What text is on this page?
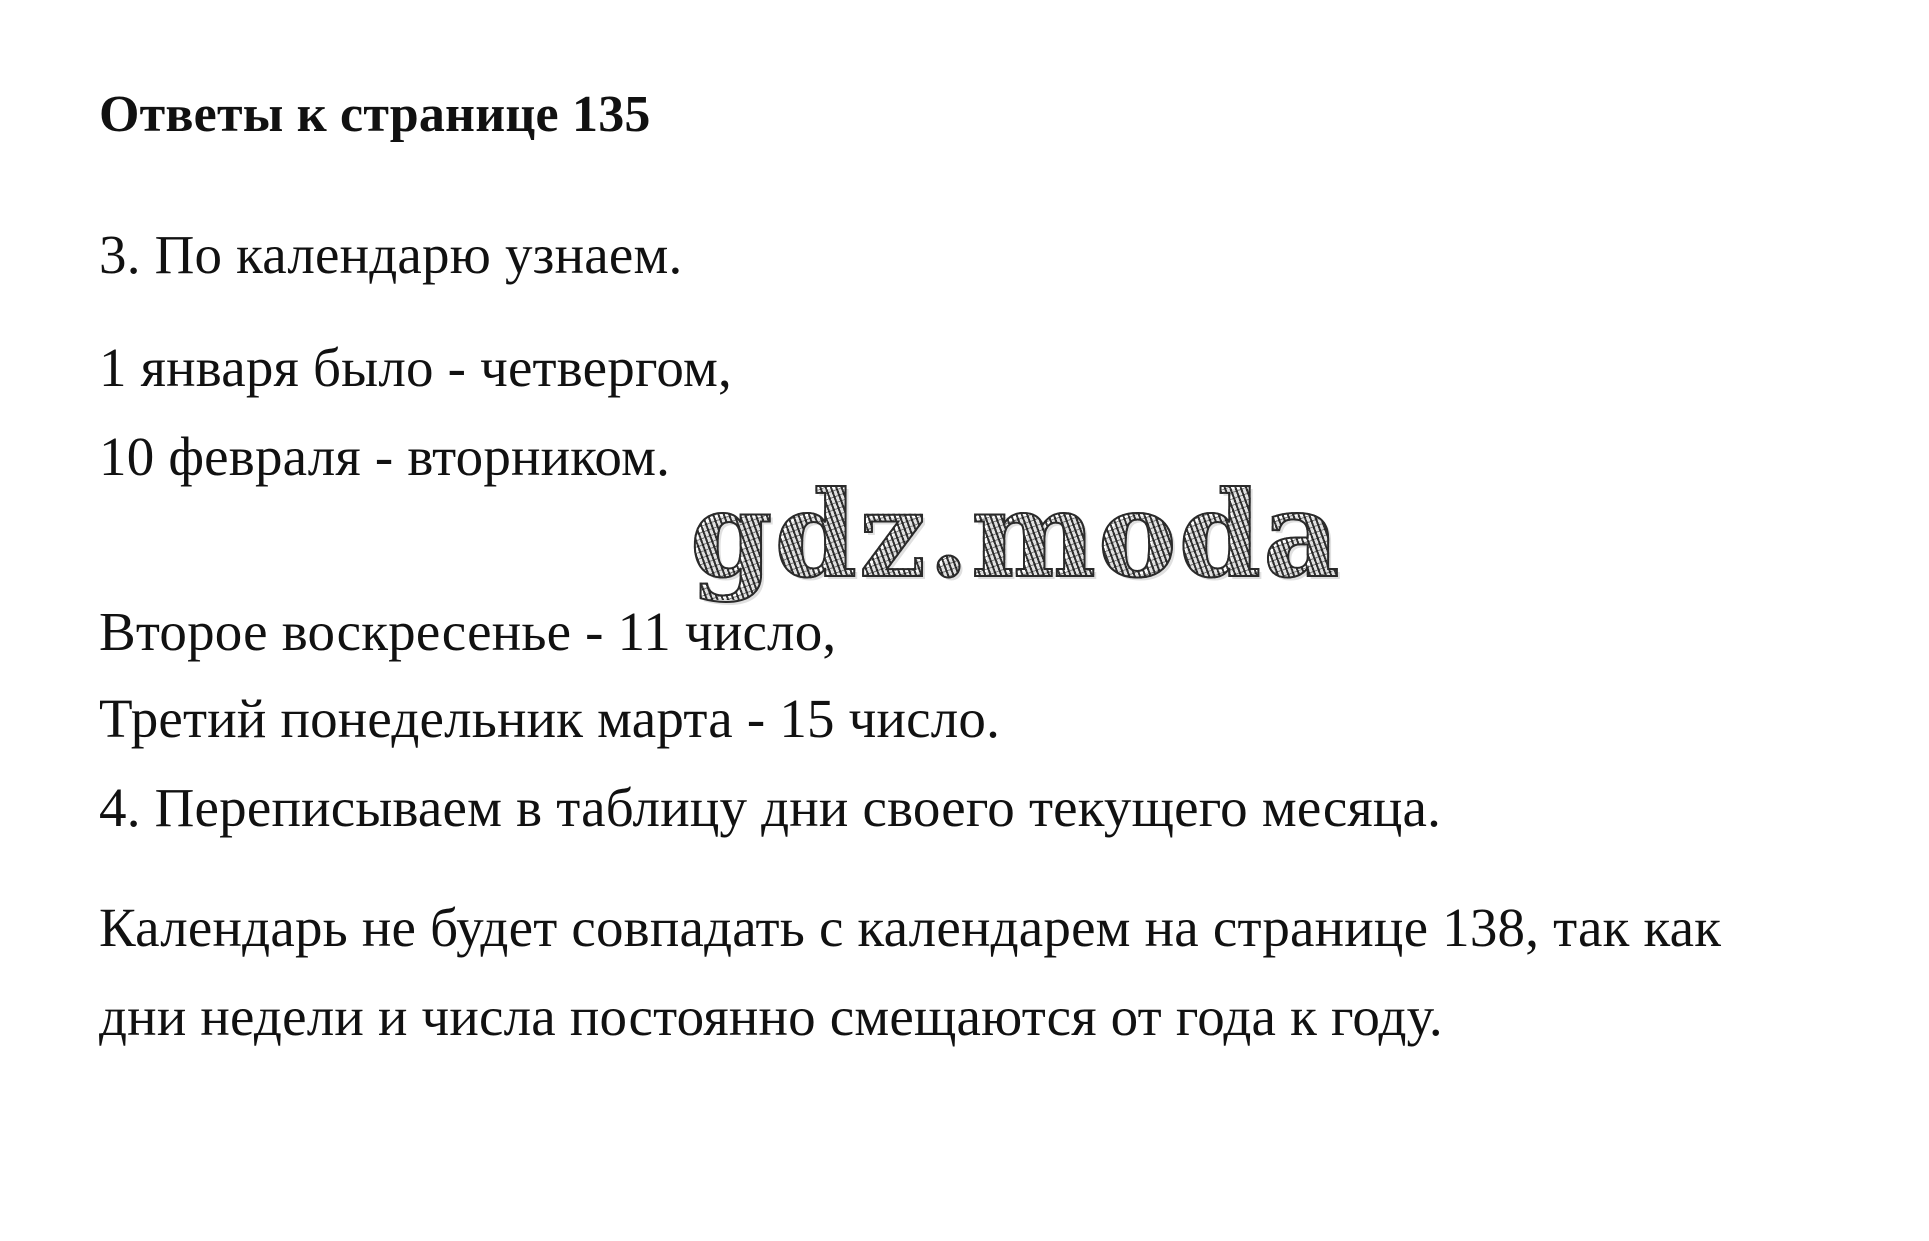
Ответы к странице 135
3. По календарю узнаем.
1 января было - четвергом,
10 февраля - вторником.
gdz.moda
Второе воскресенье - 11 число,
Третий понедельник марта - 15 число.
4. Переписываем в таблицу дни своего текущего месяца.
Календарь не будет совпадать с календарем на странице 138, так как
дни недели и числа постоянно смещаются от года к году.
